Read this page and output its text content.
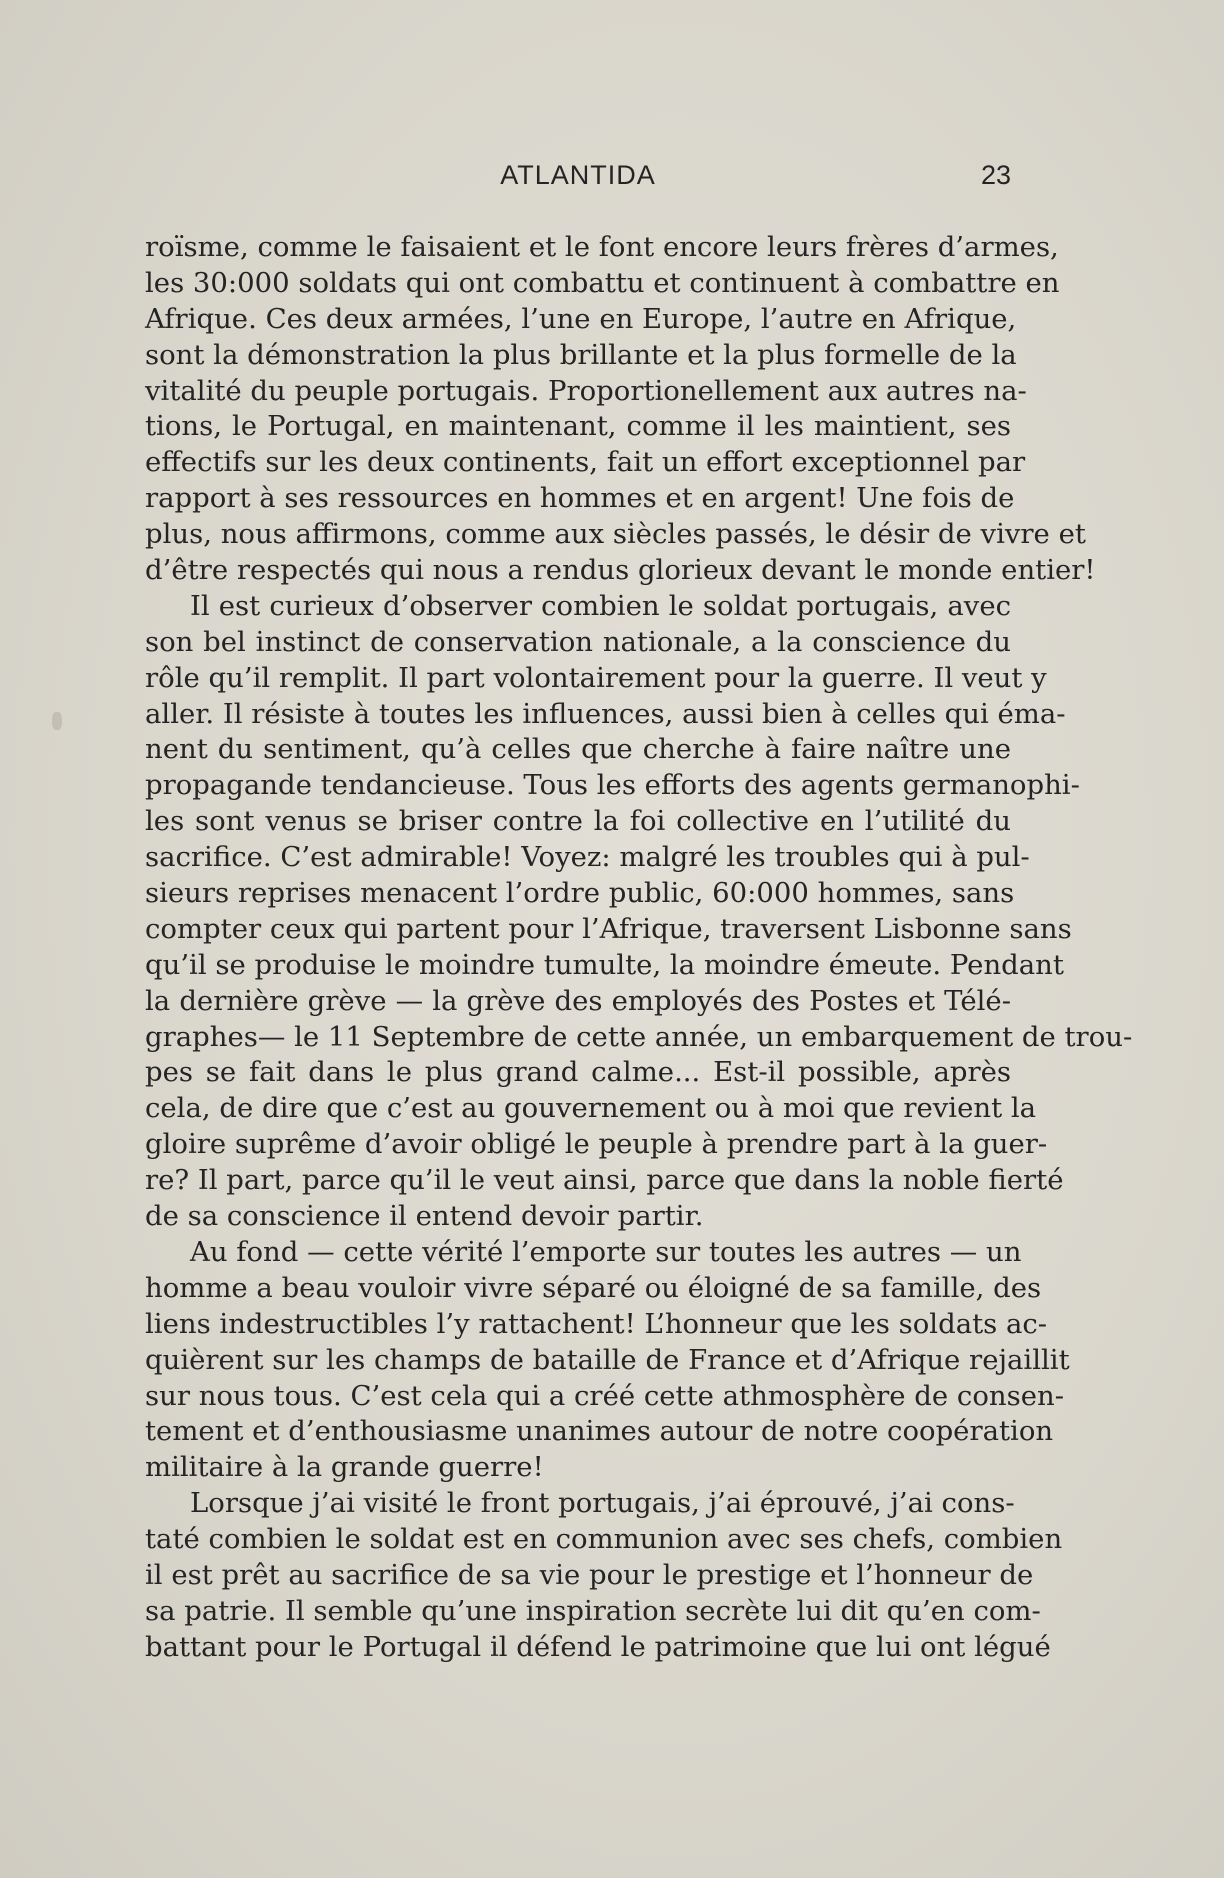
ATLANTIDA	23
roïsme, comme le faisaient et le font encore leurs frères d’armes,
les 30:000 soldats qui ont combattu et continuent à combattre en
Afrique. Ces deux armées, l’une en Europe, l’autre en Afrique,
sont la démonstration la plus brillante et la plus formelle de la
vitalité du peuple portugais. Proportionellement aux autres na-
tions, le Portugal, en maintenant, comme il les maintient, ses
effectifs sur les deux continents, fait un effort exceptionnel par
rapport à ses ressources en hommes et en argent! Une fois de
plus, nous affirmons, comme aux siècles passés, le désir de vivre et
d’être respectés qui nous a rendus glorieux devant le monde entier!
Il est curieux d’observer combien le soldat portugais, avec
son bel instinct de conservation nationale, a la conscience du
rôle qu’il remplit. Il part volontairement pour la guerre. Il veut y
aller. Il résiste à toutes les influences, aussi bien à celles qui éma-
nent du sentiment, qu’à celles que cherche à faire naître une
propagande tendancieuse. Tous les efforts des agents germanophi-
les sont venus se briser contre la foi collective en l’utilité du
sacrifice. C’est admirable! Voyez: malgré les troubles qui à pul-
sieurs reprises menacent l’ordre public, 60:000 hommes, sans
compter ceux qui partent pour l’Afrique, traversent Lisbonne sans
qu’il se produise le moindre tumulte, la moindre émeute. Pendant
la dernière grève — la grève des employés des Postes et Télé-
graphes— le 11 Septembre de cette année, un embarquement de trou-
pes se fait dans le plus grand calme... Est-il possible, après
cela, de dire que c’est au gouvernement ou à moi que revient la
gloire suprême d’avoir obligé le peuple à prendre part à la guer-
re? Il part, parce qu’il le veut ainsi, parce que dans la noble fierté
de sa conscience il entend devoir partir.
Au fond — cette vérité l’emporte sur toutes les autres — un
homme a beau vouloir vivre séparé ou éloigné de sa famille, des
liens indestructibles l’y rattachent! L’honneur que les soldats ac-
quièrent sur les champs de bataille de France et d’Afrique rejaillit
sur nous tous. C’est cela qui a créé cette athmosphère de consen-
tement et d’enthousiasme unanimes autour de notre coopération
militaire à la grande guerre!
Lorsque j’ai visité le front portugais, j’ai éprouvé, j’ai cons-
taté combien le soldat est en communion avec ses chefs, combien
il est prêt au sacrifice de sa vie pour le prestige et l’honneur de
sa patrie. Il semble qu’une inspiration secrète lui dit qu’en com-
battant pour le Portugal il défend le patrimoine que lui ont légué
